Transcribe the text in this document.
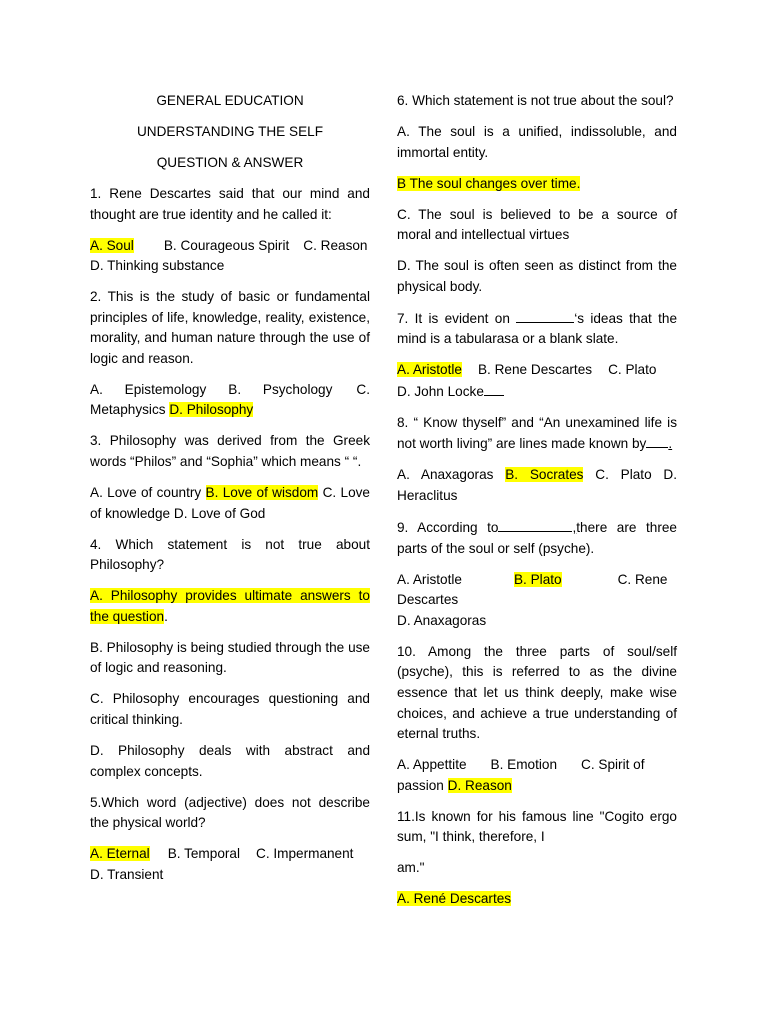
GENERAL EDUCATION
UNDERSTANDING THE SELF
QUESTION & ANSWER

1. Rene Descartes said that our mind and thought are true identity and he called it:

A. Soul B. Courageous Spirit C. Reason
D. Thinking substance

2. This is the study of basic or fundamental principles of life, knowledge, reality, existence, morality, and human nature through the use of logic and reason.

A. Epistemology B. Psychology C. Metaphysics D. Philosophy

3. Philosophy was derived from the Greek words “Philos” and “Sophia” which means “ “.

A. Love of country B. Love of wisdom C. Love of knowledge D. Love of God

4. Which statement is not true about Philosophy?

A. Philosophy provides ultimate answers to the question.

B. Philosophy is being studied through the use of logic and reasoning.

C. Philosophy encourages questioning and critical thinking.

D. Philosophy deals with abstract and complex concepts.

5.Which word (adjective) does not describe the physical world?

A. Eternal B. Temporal C. Impermanent
D. Transient

6. Which statement is not true about the soul?

A. The soul is a unified, indissoluble, and immortal entity.

B The soul changes over time.

C. The soul is believed to be a source of moral and intellectual virtues

D. The soul is often seen as distinct from the physical body.

7. It is evident on	‘s ideas that the mind is a tabularasa or a blank slate.

A. Aristotle B. Rene Descartes C. Plato
D. John Locke

8. “ Know thyself” and “An unexamined life is not worth living” are lines made known by .

A. Anaxagoras B. Socrates C. Plato D. Heraclitus

9. According to	,there are three parts of the soul or self (psyche).

A. Aristotle	B. Plato	C. Rene Descartes
D. Anaxagoras

10. Among the three parts of soul/self (psyche), this is referred to as the divine essence that let us think deeply, make wise choices, and achieve a true understanding of eternal truths.

A. Appettite B. Emotion C. Spirit of passion D. Reason

11.Is known for his famous line "Cogito ergo sum, "I think, therefore, I

am."

A. René Descartes
